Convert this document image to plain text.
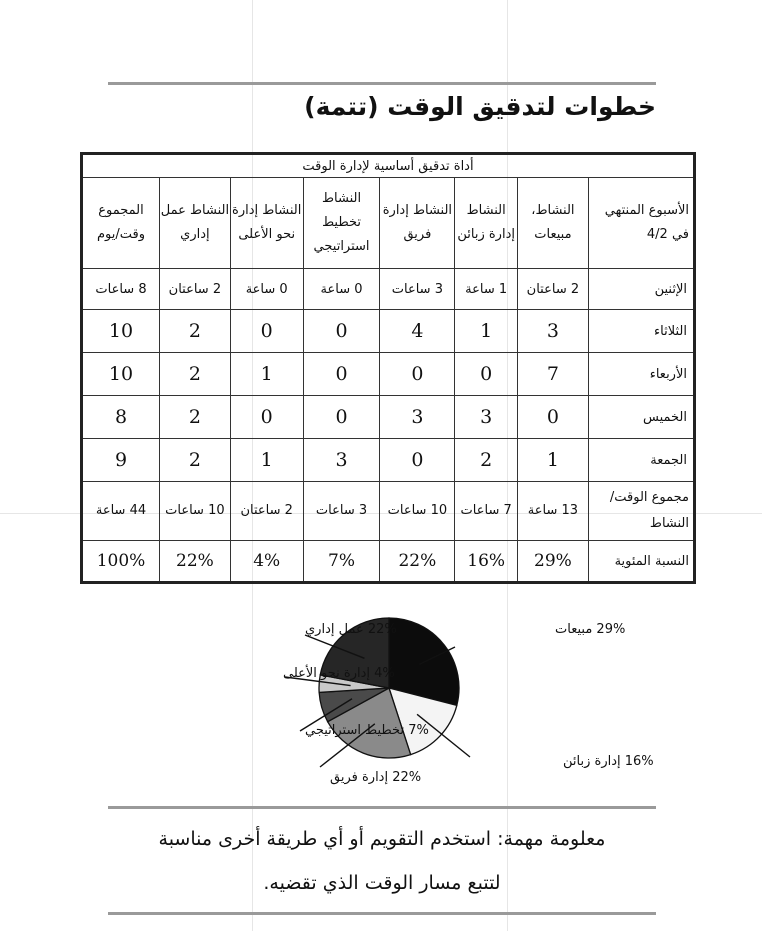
خطوات لتدقيق الوقت (تتمة)
أداة تدقيق أساسية لإدارة الوقت							
الأسبوع المنتهي في 4/2	النشاط، مبيعات	النشاط إدارة زبائن	النشاط إدارة فريق	النشاط تخطيط استراتيجي	النشاط إدارة نحو الأعلى	النشاط عمل إداري	المجموع وقت/يوم
الإثنين	2 ساعتان	1 ساعة	3 ساعات	0 ساعة	0 ساعة	2 ساعتان	8 ساعات
الثلاثاء	3	1	4	0	0	2	10
الأربعاء	7	0	0	0	1	2	10
الخميس	0	3	3	0	0	2	8
الجمعة	1	2	0	3	1	2	9
مجموع الوقت/ النشاط	13 ساعة	7 ساعات	10 ساعات	3 ساعات	2 ساعتان	10 ساعات	44 ساعة
النسبة المئوية	29%	16%	22%	7%	4%	22%	100%
29% مبيعات
16% إدارة زبائن
22% إدارة فريق
7% تخطيط استراتيجي
4% إدارة نحو الأعلى
22% عمل إداري
معلومة مهمة: استخدم التقويم أو أي طريقة أخرى مناسبة
لتتبع مسار الوقت الذي تقضيه.
